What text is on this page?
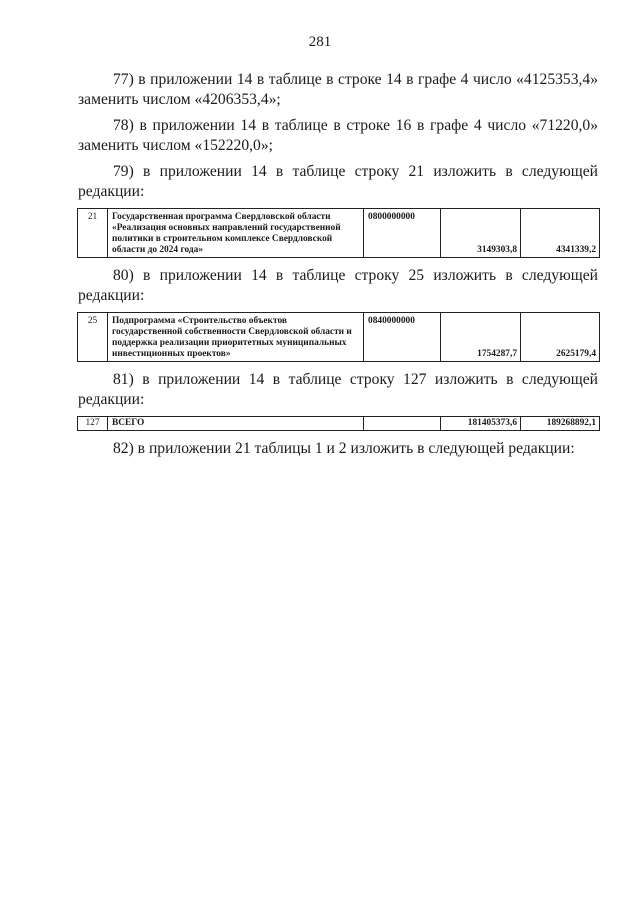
281

77) в приложении 14 в таблице в строке 14 в графе 4 число «4125353,4» заменить числом «4206353,4»;

78) в приложении 14 в таблице в строке 16 в графе 4 число «71220,0» заменить числом «152220,0»;

79) в приложении 14 в таблице строку 21 изложить в следующей редакции:

21	Государственная программа Свердловской области «Реализация основных направлений государственной политики в строительном комплексе Свердловской области до 2024 года»	0800000000	3149303,8	4341339,2

80) в приложении 14 в таблице строку 25 изложить в следующей редакции:

25	Подпрограмма «Строительство объектов государственной собственности Свердловской области и поддержка реализации приоритетных муниципальных инвестиционных проектов»	0840000000	1754287,7	2625179,4

81) в приложении 14 в таблице строку 127 изложить в следующей редакции:

127	ВСЕГО		181405373,6	189268892,1

82) в приложении 21 таблицы 1 и 2 изложить в следующей редакции:
